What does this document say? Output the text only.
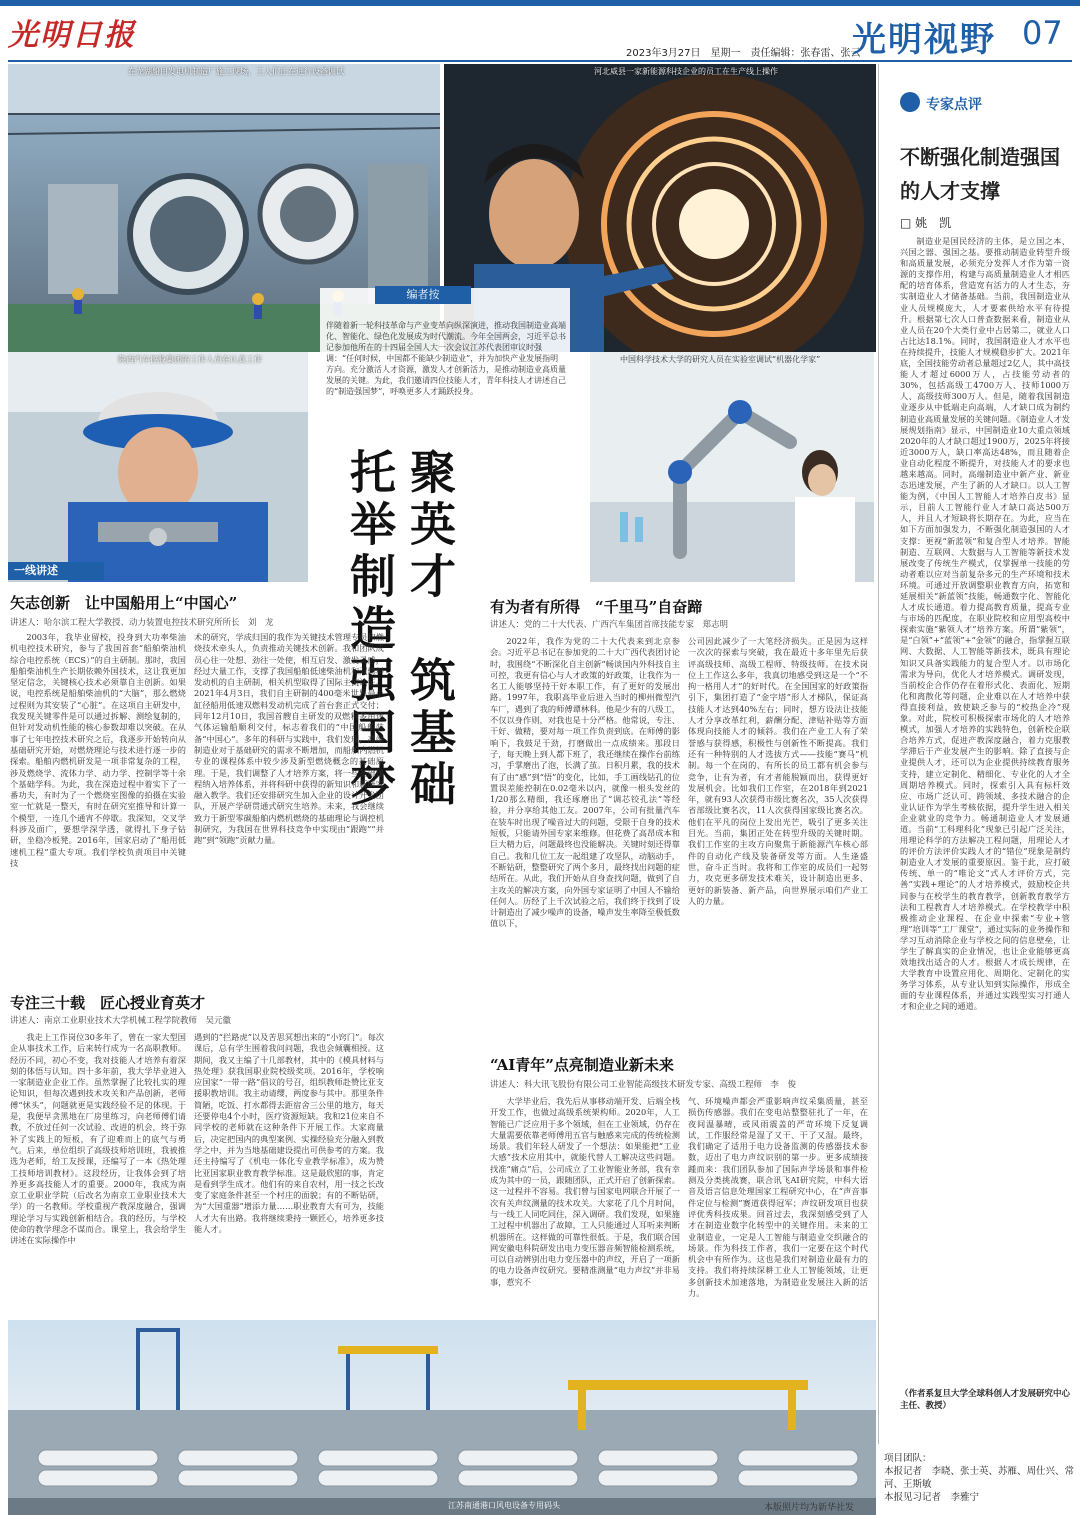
光明日报
2023年3月27日　星期一　责任编辑：张春雷、张云
光明视野 07
在龙湖船用发电机制造厂施工现场，工人们正在进行设备调试	河北威县一家新能源科技企业的员工在生产线上操作
陕西汽车控股集团的工作人员在认真工作	中国科学技术大学的研究人员在实验室调试“机器化学家”
编者按
伴随着新一轮科技革命与产业变革向纵深演进，推动我国制造业高端化、智能化、绿色化发展成为时代潮流。今年全国两会，习近平总书记参加他所在的十四届全国人大一次会议江苏代表团审议时强调：“任何时候，中国都不能缺少制造业”，并为加快产业发展指明方向。充分激活人才资源，激发人才创新活力，是推动制造业高质量发展的关键。为此，我们邀请四位技能人才，青年科技人才讲述自己的“制造强国梦”，呼唤更多人才踊跃投身。
聚英才　筑基础　托举制造强国梦
一线讲述
矢志创新　让中国船用上“中国心”
讲述人：哈尔滨工程大学教授、动力装置电控技术研究所所长　刘　龙
2003年，我毕业留校，投身到大功率柴油机电控技术研究，参与了我国首套“船舶柴油机综合电控系统（ECS）”的自主研制。那时，我国船舶柴油机生产长期依赖外国技术，这让我更加坚定信念，关键核心技术必须靠自主创新。如果说，电控系统是船舶柴油机的“大脑”，那么燃烧过程则为其安装了“心脏”。在这项自主研发中，我发现关键零件是可以通过拆解、测绘复制的，但针对发动机性能的核心参数却难以突破。在从事了七年电控技术研究之后，我逐步开始转向从基础研究开始，对燃烧理论与技术进行逐一步的探索。船舶内燃机研发是一项非常复杂的工程，涉及燃烧学、流体力学、动力学、控制学等十余个基础学科。为此，我在深造过程中着实下了一番功夫，有时为了一个燃烧室图像的拍摄在实验室一忙就是一整天，有时在研究室推导和计算一个模型，一连几个通宵不停歇。我深知，交叉学科涉及面广，要想学深学透，就得扎下身子钻研，坐稳冷板凳。2016年，国家启动了“船用低速机工程”重大专项。我们学校负责项目中关键技
术的研究，学成归国的我作为关键技术管理专员和燃烧技术牵头人，负责推动关键技术创新。我和团队成员心往一处想、劲往一处使，相互启发、激发灵感，经过大量工作，支撑了我国船舶低速柴油机和双燃料发动机的自主研制，相关机型取得了国际主流认证。2021年4月3日，我们自主研制的400毫米世界最小缸径船用低速双燃料发动机完成了首台套正式交付；同年12月10日，我国首艘自主研发的双燃料多用途气体运输船顺利交付，标志着我们的“中国船舶装备“中国心”。多年的科研与实践中，我们发现，高端制造业对于基础研究的需求不断增加，而船舶内燃机专业的课程体系中较少涉及新型燃烧概念的基础原理。于是，我们调整了人才培养方案，将一些基础课程纳入培养体系，并将科研中获得的新知识和新研究融入教学。我们还安排研究生加入企业的设计开发团队，开展产学研贯通式研究生培养。未来，我会继续致力于新型零碳船舶内燃机燃烧的基础理论与调控机制研究，为我国在世界科技竞争中实现由“跟跑”“并跑”到“领跑”贡献力量。
专注三十载　匠心授业育英才
讲述人：南京工业职业技术大学机械工程学院教师　吴元徽
我走上工作岗位30多年了，曾在一家大型国企从事技术工作，后来转行成为一名高职教师。经历不同，初心不变，我对技能人才培养有着深刻的体悟与认知。四十多年前，我大学毕业进入一家制造业企业工作。虽然掌握了比较扎实的理论知识，但每次遇到技术攻关和产品创新，老师傅“怵头”，问题就更是实践经验不足的体现。于是，我便早贪黑地在厂房里练习，向老师傅们请教，不放过任何一次试验、改进的机会，终于弥补了实践上的短板，有了迎难而上的底气与勇气。后来，单位组织了高级技师培训班，我被推选为老师，给工友授课，还编写了一本《热处理工技师培训教材》。这段经历，让我体会到了培养更多高技能人才的重要。2000年，我成为南京工业职业学院（后改名为南京工业职业技术大学）的一名教师。学校重视产教深度融合，强调理论学习与实践创新相结合。我的经历，与学校使命的教学理念不谋而合。课堂上，我会给学生讲述在实际操作中
遇到的“拦路虎”以及苦思冥想出来的“小窍门”。每次课后，总有学生围着我问问题，我也会倾囊相授。这期间，我又主编了十几部教材，其中的《模具材料与热处理》获我国职业院校级奖项。2016年，学校响应国家“一带一路”倡议的号召，组织教师赴赞比亚支援职教培训。我主动请缨，两度参与其中。那里条件简陋，吃饭、打水都得去距宿舍三公里的地方，每天还要停电4个小时，医疗资源短缺。我和21位来自不同学校的老师就在这种条件下开展工作。大家商量后，决定把国内的典型案例、实操经验充分融入到教学之中，并为当地基础建设提出可供参考的方案。我还主持编写了《机电一体化专业教学标准》，成为赞比亚国家职业教育教学标准。这是最欣慰的事，肯定是看到学生成才。他们有的来自农村，用一技之长改变了家庭条件甚至一个村庄的面貌；有的不断钻研，为“大国重器”增添力量……职业教育大有可为，技能人才大有出路。我将继续秉持一颗匠心，培养更多技能人才。
有为者有所得　“千里马”自奋蹄
讲述人：党的二十大代表、广西汽车集团首席技能专家　郑志明
2022年，我作为党的二十大代表来到北京参会。习近平总书记在参加党的二十大广西代表团讨论时，我围绕“不断深化自主创新”畅谈国内外科技自主可控，我更有信心与人才政策的好政策，让我作为一名工人能够坚持干好本职工作，有了更好的发展出路。1997年，我职高毕业后进入当时的柳州微型汽车厂，遇到了我的师傅谭林科。他是少有的八级工，不仅以身作则，对我也是十分严格。他常说，专注、干好、做精，要对每一项工作负责到底。在师傅的影响下，我鼓足干劲，打磨做出一点成绩来。那段日子，每天晚上到人都下班了，我还继续在操作台前练习，手掌磨出了泡，长满了茧。日积月累，我的技术有了由“感”到“悟”的变化，比如，手工画线钻孔的位置误差能控制在0.02毫米以内，就像一根头发丝的1/20那么精细，我还琢磨出了“调芯铰孔法”等经验，并分享给其他工友。2007年，公司有批量汽车在装车时出现了噪音过大的问题，受限于自身的技术短板，只能请外国专家来维修。但花费了高昂成本和巨大精力后，问题最终也没能解决。关键时刻还得靠自己。我和几位工友一起组建了攻坚队，动脑动手，不断钻研，整整研究了两个多月，最终找出问题的症结所在。从此，我们开始从自身查找问题，做到了自主攻关的解决方案，向外国专家证明了中国人不输给任何人。历经了上千次试验之后，我们终于找到了设计制造出了减少噪声的设备，噪声发生率降至极低数值以下，
公司因此减少了一大笔经济损失。正是因为这样一次次的探索与突破，我在最近十多年里先后获评高级技师、高级工程师、特级技师。在技术岗位上工作这么多年，我真切地感受到这是一个“不拘一格用人才”的好时代。在全国国家的好政策指引下，集团打造了“金字塔”形人才梯队，保证高技能人才达到40%左右；同时，想方设法让技能人才分享改革红利，薪酬分配、津贴补贴等方面体现向技能人才的倾斜。我们在产业工人有了荣誉感与获得感，积极性与创新性不断提高。我们还有一种特别的人才选拔方式——技能“赛马”机制。每一个在岗的、有所长的员工都有机会参与竞争，让有为者，有才者能脱颖而出，获得更好发展机会。比如我们工作室，在2018年到2021年，就有93人次获得市级比赛名次，35人次获得省部级比赛名次，11人次获得国家级比赛名次。他们在平凡的岗位上发出光芒，吸引了更多关注目光。当前，集团正处在转型升级的关键时期。我们工作室的主攻方向聚焦于新能源汽车核心部件的自动化产线及装备研发等方面。人生逢盛世，奋斗正当时。我将和工作室的成员们一起努力，攻克更多研发技术难关，设计制造出更多、更好的新装备、新产品，向世界展示咱们产业工人的力量。
“AI青年”点亮制造业新未来
讲述人：科大讯飞股份有限公司工业智能高级技术研发专家、高级工程师　李　俊
大学毕业后，我先后从事移动端开发、后端全栈开发工作，也做过高级系统架构师。2020年，人工智能已广泛应用于多个领域，但在工业领域，仍存在大量需要依靠老师傅用五官与触感来完成的传统检测场景。我们年轻人研发了一个想法：如果能把“工业大感”技术应用其中，就能代替人工解决这些问题。找准“痛点”后，公司成立了工业智能业务部，我有幸成为其中的一员，跟随团队，正式开启了创新探索。这一过程并不容易。我们曾与国家电网联合开展了一次有关声纹测量的技术攻关。大家花了几个月时间，与一线工人同吃同住，深入调研。我们发现，如果施工过程中机器出了故障，工人只能通过人耳听来判断机器所在。这样做的可靠性很低。于是，我们联合国网安徽电科院研发出电力变压器音频智能检测系统，可以自动辨别出电力变压器中的声纹，开启了一项新的电力设备声纹研究。要精准测量“电力声纹”并非易事，惹究不
气、环境噪声都会严重影响声纹采集质量，甚至损伤传感器。我们在变电站整整驻扎了一年，在夜间温暴晴，或风雨震盖的严苛环境下反复调试，工作服经常是湿了又干、干了又湿。最终，我们确定了适用于电力设备监测的传感器技术参数，迈出了电力声纹识别的第一步。更多成绩接踵而来：我们团队参加了国际声学场景和事件检测及分类挑战赛，联合讯飞AI研究院，中科大语音及语言信息处理国家工程研究中心，在“声音事件定位与检测”赛道获得冠军；声纹研发项目也获评优秀科技成果。回首过去，我深刻感受到了人才在制造业数字化转型中的关键作用。未来的工业制造业，一定是人工智能与制造业交织融合的场景。作为科技工作者，我们一定要在这个时代机会中有所作为。这也是我们对制造业最有力的支持。我们将持续深耕工业人工智能领域，让更多创新技术加速落地，为制造业发展注入新的活力。
江苏南通港口风电设备专用码头	本版照片均为新华社发
专家点评
不断强化制造强国的人才支撑
□ 姚　凯
制造业是国民经济的主体，是立国之本、兴国之器、强国之基。要推动制造业转型升级和高质量发展，必须充分发挥人才作为第一资源的支撑作用，构建与高质量制造业人才相匹配的培育体系，营造宽有活力的人才生态，夯实制造业人才储备基础。当前，我国制造业从业人员规模庞大，人才要素供给水平有待提升。根据第七次人口普查数据来看，制造业从业人员在20个大类行业中占居第二，就业人口占比达18.1%。同时，我国制造业人才水平也在持续提升，技能人才规模稳步扩大。2021年底，全国技能劳动者总量超过2亿人，其中高技能人才超过6000万人，占技能劳动者的30%，包括高级工4700万人、技师1000万人、高级技师300万人。但是，随着我国制造业逐步从中低端走向高端，人才缺口成为制约制造业高质量发展的关键问题。《制造业人才发展规划指南》显示，中国制造业10大重点领域2020年的人才缺口超过1900万，2025年将接近3000万人，缺口率高达48%，而且随着企业自动化程度不断提升，对技能人才的要求也越来越高。同时，高端制造业中新产业、新业态迅速发展，产生了新的人才缺口。以人工智能为例，《中国人工智能人才培养白皮书》显示，目前人工智能行业人才缺口高达500万人，并且人才短缺将长期存在。为此，应当在如下方面加强发力，不断强化制造强国的人才支撑：更视“新蓝领”和复合型人才培养。智能制造、互联网、大数据与人工智能等新技术发展改变了传统生产模式，仅掌握单一技能的劳动者难以应对当前复杂多元的生产环境和技术环境。可通过开放调整职业教育方向，拓宽和延展相关“新蓝领”技能，畅通数字化、智能化人才成长通道。着力提高教育质量，提高专业与市场的匹配度，在职业院校和应用型高校中探索实施“紫领人才”培养方案。所谓“紫领”，是“白领”+“蓝领”+“金领”的融合，指掌握互联网、大数据、人工智能等新技术，既具有理论知识又具备实践能力的复合型人才。以市场化需求为导向，优化人才培养模式。调研发现，当前校企合作仍存在着形式化、表面化、短期化和离散化等问题，企业难以在人才培养中获得直接利益，致使缺乏参与的“校热企冷”现象。对此，院校可积极探索市场化的人才培养模式，加强人才培养的实践特色，创新校企联合培养方式，促进产教深度融合，着力克服教学滞后于产业发展产生的影响。除了直接与企业提供人才，还可以为企业提供持续教育服务支持，建立定制化、精细化、专业化的人才全周期培养模式。同时，探索引入具有标杆效应、市场广泛认可、跨领域、多技术融合的企业认证作为学生考核依据，提升学生进入相关企业就业的竞争力。畅通制造业人才发展通道。当前“工科理科化”现象已引起广泛关注，用理论科学的方法解决工程问题，用理论人才的评价方法评价实践人才的“错位”现象是制约制造业人才发展的重要原因。鉴于此，应打破传统、单一的“唯论文”式人才评价方式，完善“实践+理论”的人才培养模式，鼓励校企共同参与在校学生的教育教学，创新教育教学方法和工程教育人才培养模式。在学校教学中积极推动企业课程、在企业中探索“专业+管理”培训等“工厂课堂”，通过实际的业务操作和学习互动消除企业与学校之间的信息壁垒，让学生了解真实的企业情况，也让企业能够更高效地找出适合的人才。根据人才成长规律，在大学教育中设置应用化、周期化、定制化的实务学习体系，从专业认知到实际操作，形成全面的专业课程体系，并通过实践型实习打通人才和企业之间的通道。
（作者系复旦大学全球科创人才发展研究中心主任、教授）
项目团队：
本报记者　李晓、张士英、苏雁、周仕兴、常河、王斯敏
本报见习记者　李雅宁
